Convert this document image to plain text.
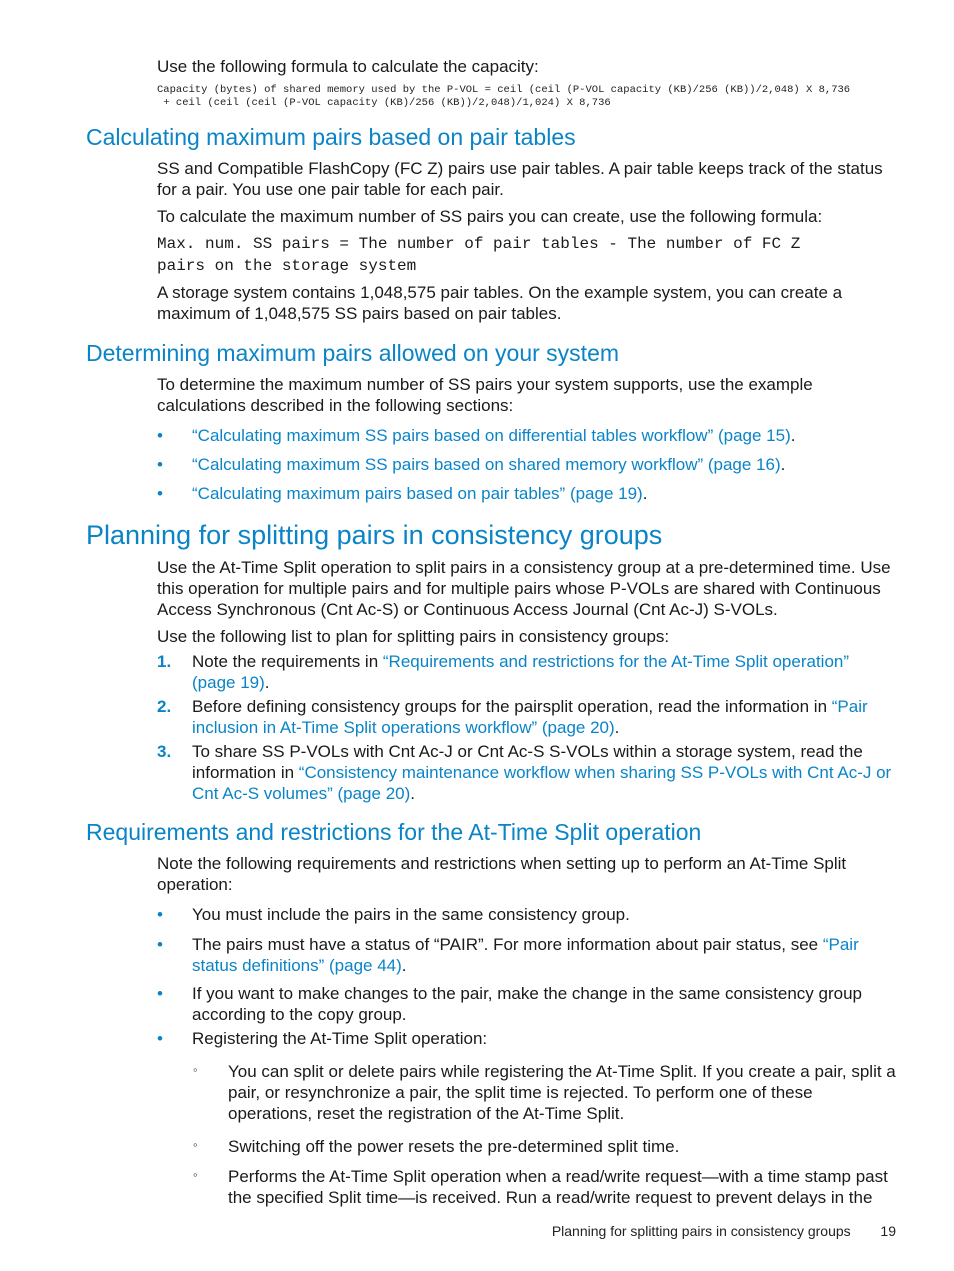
Use the following formula to calculate the capacity:
Capacity (bytes) of shared memory used by the P-VOL = ceil (ceil (P-VOL capacity (KB)/256 (KB))/2,048) X 8,736
+ ceil (ceil (ceil (P-VOL capacity (KB)/256 (KB))/2,048)/1,024) X 8,736
Calculating maximum pairs based on pair tables
SS and Compatible FlashCopy (FC Z) pairs use pair tables. A pair table keeps track of the status for a pair. You use one pair table for each pair.
To calculate the maximum number of SS pairs you can create, use the following formula:
Max. num. SS pairs = The number of pair tables - The number of FC Z
pairs on the storage system
A storage system contains 1,048,575 pair tables. On the example system, you can create a maximum of 1,048,575 SS pairs based on pair tables.
Determining maximum pairs allowed on your system
To determine the maximum number of SS pairs your system supports, use the example calculations described in the following sections:
•	“Calculating maximum SS pairs based on differential tables workflow” (page 15).
•	“Calculating maximum SS pairs based on shared memory workflow” (page 16).
•	“Calculating maximum pairs based on pair tables” (page 19).
Planning for splitting pairs in consistency groups
Use the At-Time Split operation to split pairs in a consistency group at a pre-determined time. Use this operation for multiple pairs and for multiple pairs whose P-VOLs are shared with Continuous Access Synchronous (Cnt Ac-S) or Continuous Access Journal (Cnt Ac-J) S-VOLs.
Use the following list to plan for splitting pairs in consistency groups:
1.	Note the requirements in “Requirements and restrictions for the At-Time Split operation” (page 19).
2.	Before defining consistency groups for the pairsplit operation, read the information in “Pair inclusion in At-Time Split operations workflow” (page 20).
3.	To share SS P-VOLs with Cnt Ac-J or Cnt Ac-S S-VOLs within a storage system, read the information in “Consistency maintenance workflow when sharing SS P-VOLs with Cnt Ac-J or Cnt Ac-S volumes” (page 20).
Requirements and restrictions for the At-Time Split operation
Note the following requirements and restrictions when setting up to perform an At-Time Split operation:
•	You must include the pairs in the same consistency group.
•	The pairs must have a status of “PAIR”. For more information about pair status, see “Pair status definitions” (page 44).
•	If you want to make changes to the pair, make the change in the same consistency group according to the copy group.
•	Registering the At-Time Split operation:
◦	You can split or delete pairs while registering the At-Time Split. If you create a pair, split a pair, or resynchronize a pair, the split time is rejected. To perform one of these operations, reset the registration of the At-Time Split.
◦	Switching off the power resets the pre-determined split time.
◦	Performs the At-Time Split operation when a read/write request—with a time stamp past the specified Split time—is received. Run a read/write request to prevent delays in the
Planning for splitting pairs in consistency groups 19
